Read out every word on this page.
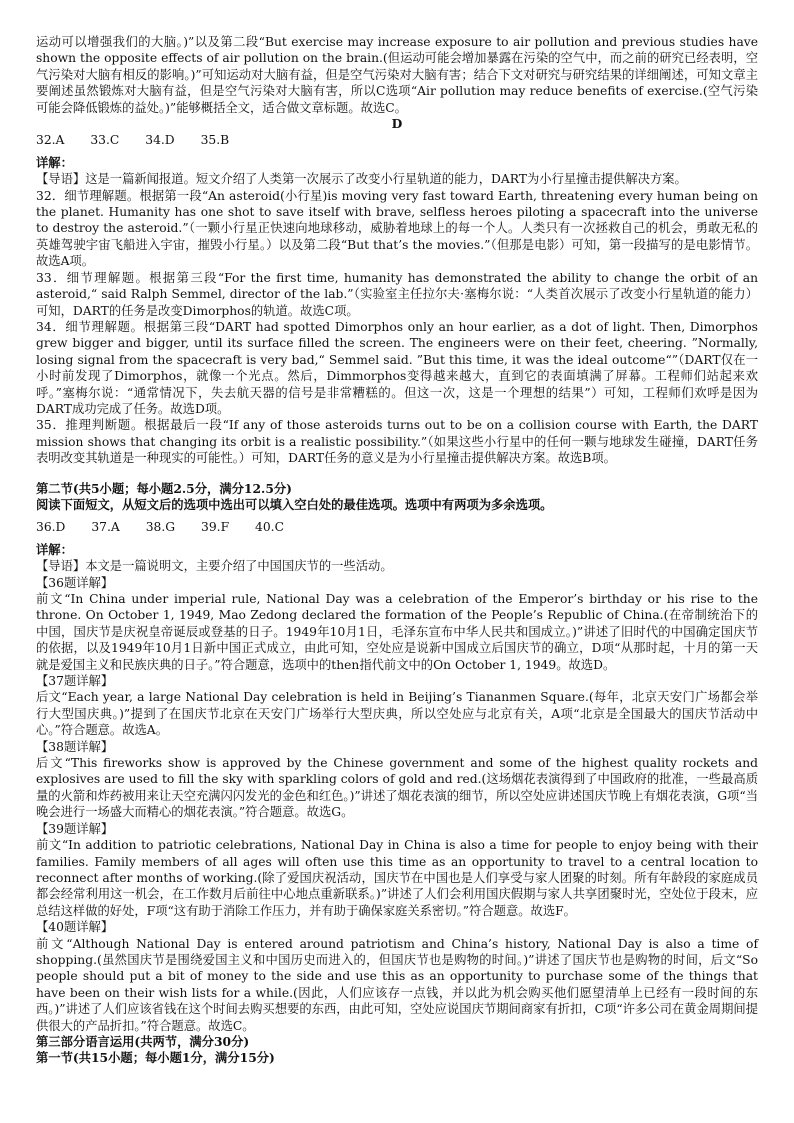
运动可以增强我们的大脑。)”以及第二段“But exercise may increase exposure to air pollution and previous studies have shown the opposite effects of air pollution on the brain.(但运动可能会增加暴露在污染的空气中，而之前的研究已经表明，空气污染对大脑有相反的影响。)”可知运动对大脑有益，但是空气污染对大脑有害；结合下文对研究与研究结果的详细阐述，可知文章主要阐述虽然锻炼对大脑有益，但是空气污染对大脑有害，所以C选项“Air pollution may reduce benefits of exercise.(空气污染可能会降低锻炼的益处。)”能够概括全文，适合做文章标题。故选C。

D

32.A 33.C 34.D 35.B

详解：

【导语】这是一篇新闻报道。短文介绍了人类第一次展示了改变小行星轨道的能力，DART为小行星撞击提供解决方案。

32．细节理解题。根据第一段“An asteroid(小行星)is moving very fast toward Earth, threatening every human being on the planet. Humanity has one shot to save itself with brave, selfless heroes piloting a spacecraft into the universe to destroy the asteroid.”（一颗小行星正快速向地球移动，威胁着地球上的每一个人。人类只有一次拯救自己的机会，勇敢无私的英雄驾驶宇宙飞船进入宇宙，摧毁小行星。）以及第二段“But that’s the movies.”（但那是电影）可知，第一段描写的是电影情节。故选A项。

33．细节理解题。根据第三段“For the first time, humanity has demonstrated the ability to change the orbit of an asteroid,“ said Ralph Semmel, director of the lab.”（实验室主任拉尔夫·塞梅尔说：“人类首次展示了改变小行星轨道的能力）可知，DART的任务是改变Dimorphos的轨道。故选C项。

34．细节理解题。根据第三段“DART had spotted Dimorphos only an hour earlier, as a dot of light. Then, Dimorphos grew bigger and bigger, until its surface filled the screen. The engineers were on their feet, cheering. ”Normally, losing signal from the spacecraft is very bad,“ Semmel said. ”But this time, it was the ideal outcome“”（DART仅在一小时前发现了Dimorphos，就像一个光点。然后，Dimmorphos变得越来越大，直到它的表面填满了屏幕。工程师们站起来欢呼。”塞梅尔说：“通常情况下，失去航天器的信号是非常糟糕的。但这一次，这是一个理想的结果”）可知，工程师们欢呼是因为DART成功完成了任务。故选D项。

35．推理判断题。根据最后一段“If any of those asteroids turns out to be on a collision course with Earth, the DART mission shows that changing its orbit is a realistic possibility.”（如果这些小行星中的任何一颗与地球发生碰撞，DART任务表明改变其轨道是一种现实的可能性。）可知，DART任务的意义是为小行星撞击提供解决方案。故选B项。

第二节(共5小题；每小题2.5分，满分12.5分)

阅读下面短文，从短文后的选项中选出可以填入空白处的最佳选项。选项中有两项为多余选项。

36.D 37.A 38.G 39.F 40.C

详解：

【导语】本文是一篇说明文，主要介绍了中国国庆节的一些活动。

【36题详解】

前文“In China under imperial rule, National Day was a celebration of the Emperor’s birthday or his rise to the throne. On October 1, 1949, Mao Zedong declared the formation of the People’s Republic of China.(在帝制统治下的中国，国庆节是庆祝皇帝诞辰或登基的日子。1949年10月1日，毛泽东宣布中华人民共和国成立。)”讲述了旧时代的中国确定国庆节的依据，以及1949年10月1日新中国正式成立，由此可知，空处应是说新中国成立后国庆节的确立，D项“从那时起，十月的第一天就是爱国主义和民族庆典的日子。”符合题意，选项中的then指代前文中的On October 1, 1949。故选D。

【37题详解】

后文“Each year, a large National Day celebration is held in Beijing’s Tiananmen Square.(每年，北京天安门广场都会举行大型国庆典。)”提到了在国庆节北京在天安门广场举行大型庆典，所以空处应与北京有关，A项“北京是全国最大的国庆节活动中心。”符合题意。故选A。

【38题详解】

后文“This fireworks show is approved by the Chinese government and some of the highest quality rockets and explosives are used to fill the sky with sparkling colors of gold and red.(这场烟花表演得到了中国政府的批准，一些最高质量的火箭和炸药被用来让天空充满闪闪发光的金色和红色。)”讲述了烟花表演的细节，所以空处应讲述国庆节晚上有烟花表演，G项“当晚会进行一场盛大而精心的烟花表演。”符合题意。故选G。

【39题详解】

前文“In addition to patriotic celebrations, National Day in China is also a time for people to enjoy being with their families. Family members of all ages will often use this time as an opportunity to travel to a central location to reconnect after months of working.(除了爱国庆祝活动，国庆节在中国也是人们享受与家人团聚的时刻。所有年龄段的家庭成员都会经常利用这一机会，在工作数月后前往中心地点重新联系。)”讲述了人们会利用国庆假期与家人共享团聚时光，空处位于段末，应总结这样做的好处，F项“这有助于消除工作压力，并有助于确保家庭关系密切。”符合题意。故选F。

【40题详解】

前文“Although National Day is entered around patriotism and China’s history, National Day is also a time of shopping.(虽然国庆节是围绕爱国主义和中国历史而进入的，但国庆节也是购物的时间。)”讲述了国庆节也是购物的时间，后文“So people should put a bit of money to the side and use this as an opportunity to purchase some of the things that have been on their wish lists for a while.(因此，人们应该存一点钱，并以此为机会购买他们愿望清单上已经有一段时间的东西。)”讲述了人们应该省钱在这个时间去购买想要的东西，由此可知，空处应说国庆节期间商家有折扣，C项“许多公司在黄金周期间提供很大的产品折扣。”符合题意。故选C。

第三部分语言运用(共两节，满分30分)

第一节(共15小题；每小题1分，满分15分)
